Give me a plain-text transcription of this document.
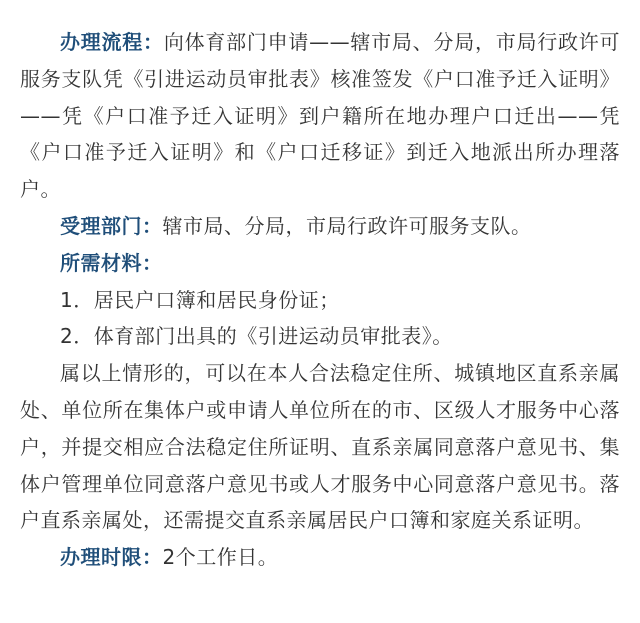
办理流程：向体育部门申请——辖市局、分局，市局行政许可服务支队凭《引进运动员审批表》核准签发《户口准予迁入证明》——凭《户口准予迁入证明》到户籍所在地办理户口迁出——凭《户口准予迁入证明》和《户口迁移证》到迁入地派出所办理落户。

受理部门：辖市局、分局，市局行政许可服务支队。

所需材料：

1．居民户口簿和居民身份证；

2．体育部门出具的《引进运动员审批表》。

属以上情形的，可以在本人合法稳定住所、城镇地区直系亲属处、单位所在集体户或申请人单位所在的市、区级人才服务中心落户，并提交相应合法稳定住所证明、直系亲属同意落户意见书、集体户管理单位同意落户意见书或人才服务中心同意落户意见书。落户直系亲属处，还需提交直系亲属居民户口簿和家庭关系证明。

办理时限：2个工作日。
